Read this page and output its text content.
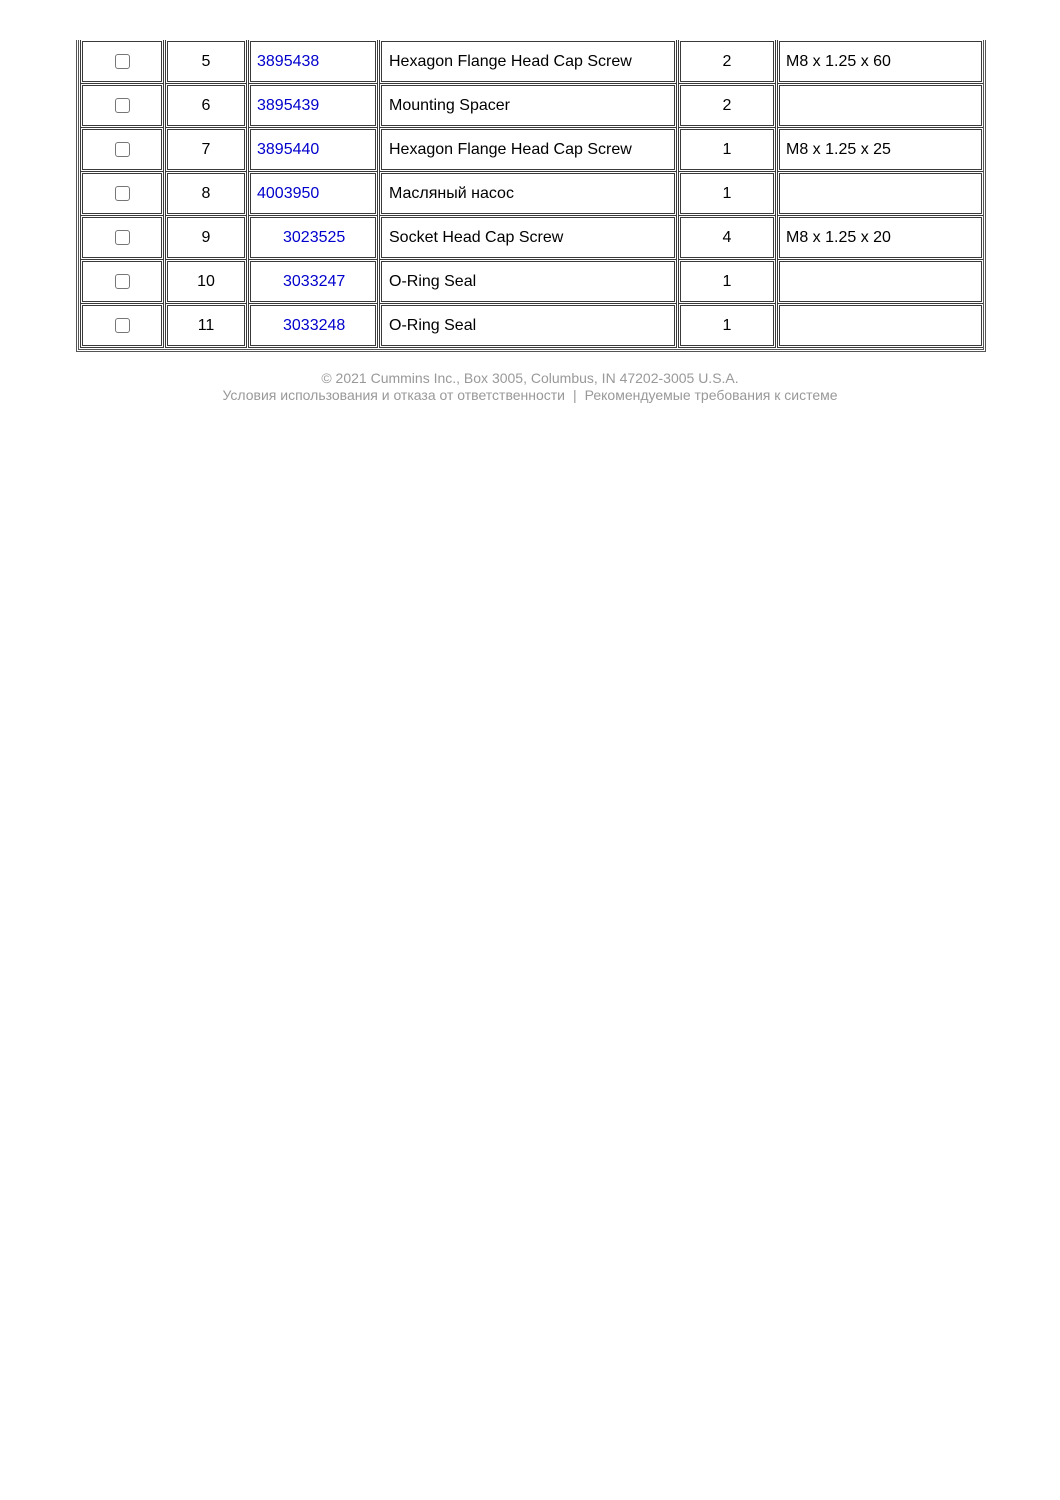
5	3895438	Hexagon Flange Head Cap Screw	2	M8 x 1.25 x 60
6	3895439	Mounting Spacer	2
7	3895440	Hexagon Flange Head Cap Screw	1	M8 x 1.25 x 25
8	4003950	Масляный насос	1
9	3023525	Socket Head Cap Screw	4	M8 x 1.25 x 20
10	3033247	O-Ring Seal	1
11	3033248	O-Ring Seal	1
© 2021 Cummins Inc., Box 3005, Columbus, IN 47202-3005 U.S.A.
Условия использования и отказа от ответственности | Рекомендуемые требования к системе
